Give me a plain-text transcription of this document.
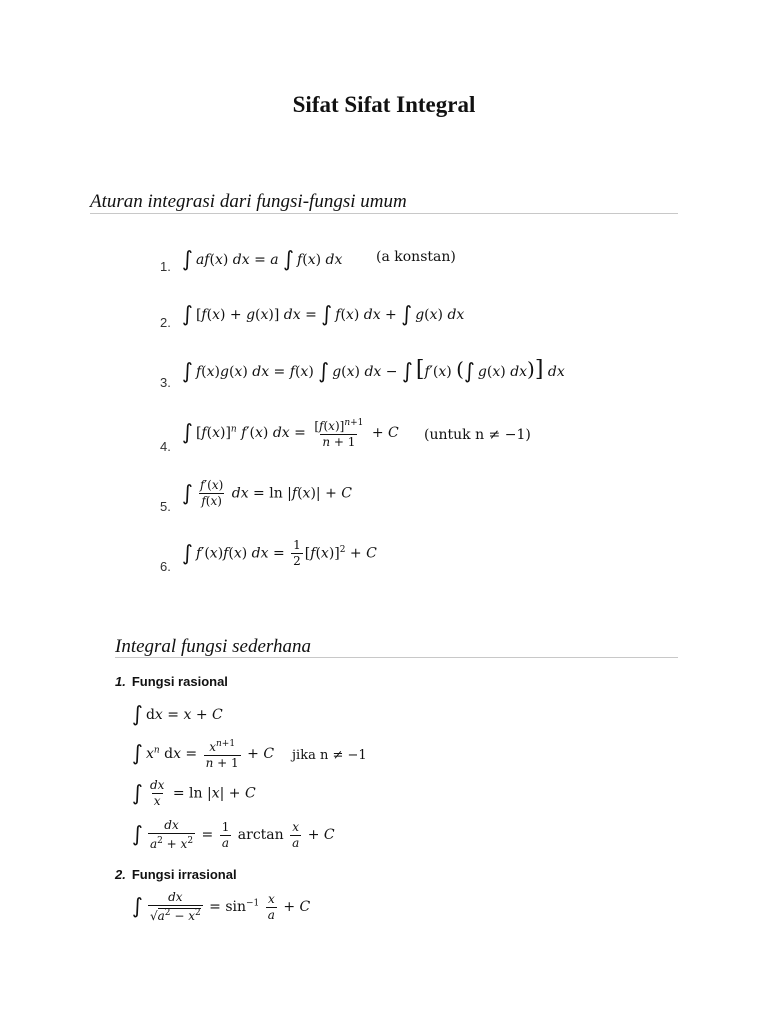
Sifat Sifat Integral
Aturan integrasi dari fungsi-fungsi umum
1. ∫ af(x) dx = a ∫ f(x) dx (a konstan)
2. ∫ [f(x) + g(x)] dx = ∫ f(x) dx + ∫ g(x) dx
3. ∫ f(x)g(x) dx = f(x) ∫ g(x) dx − ∫ [f′(x) (∫ g(x) dx)] dx
4.
∫ $[f(x)]^n$ f′(x) dx = $\frac{[f(x)]^{n+1}}{n + 1} + C$ (untuk n ≠ −1)
5.
∫ $\frac{f'(x)}{f(x)}$ dx = ln |f(x)| + C
6.
∫ f′(x)f(x) dx = $\frac{1}{2} [f(x)]^2 + C$
Integral fungsi sederhana
1. Fungsi rasional
∫ dx = x + C
∫ $x^n$ dx = $\frac{x^{n+1}}{n + 1} + C$ jika n ≠ −1
∫ $\frac{dx}{x} = \ln |x| + C$
∫ $\frac{dx}{a^2 + x^2} = \frac{1}{a}$ $\arctan \frac{x}{a} + C$
2. Fungsi irrasional
∫ $\frac{dx}{√a^2 - x^2} = \sin^{-1} \frac{x}{a} + C$
